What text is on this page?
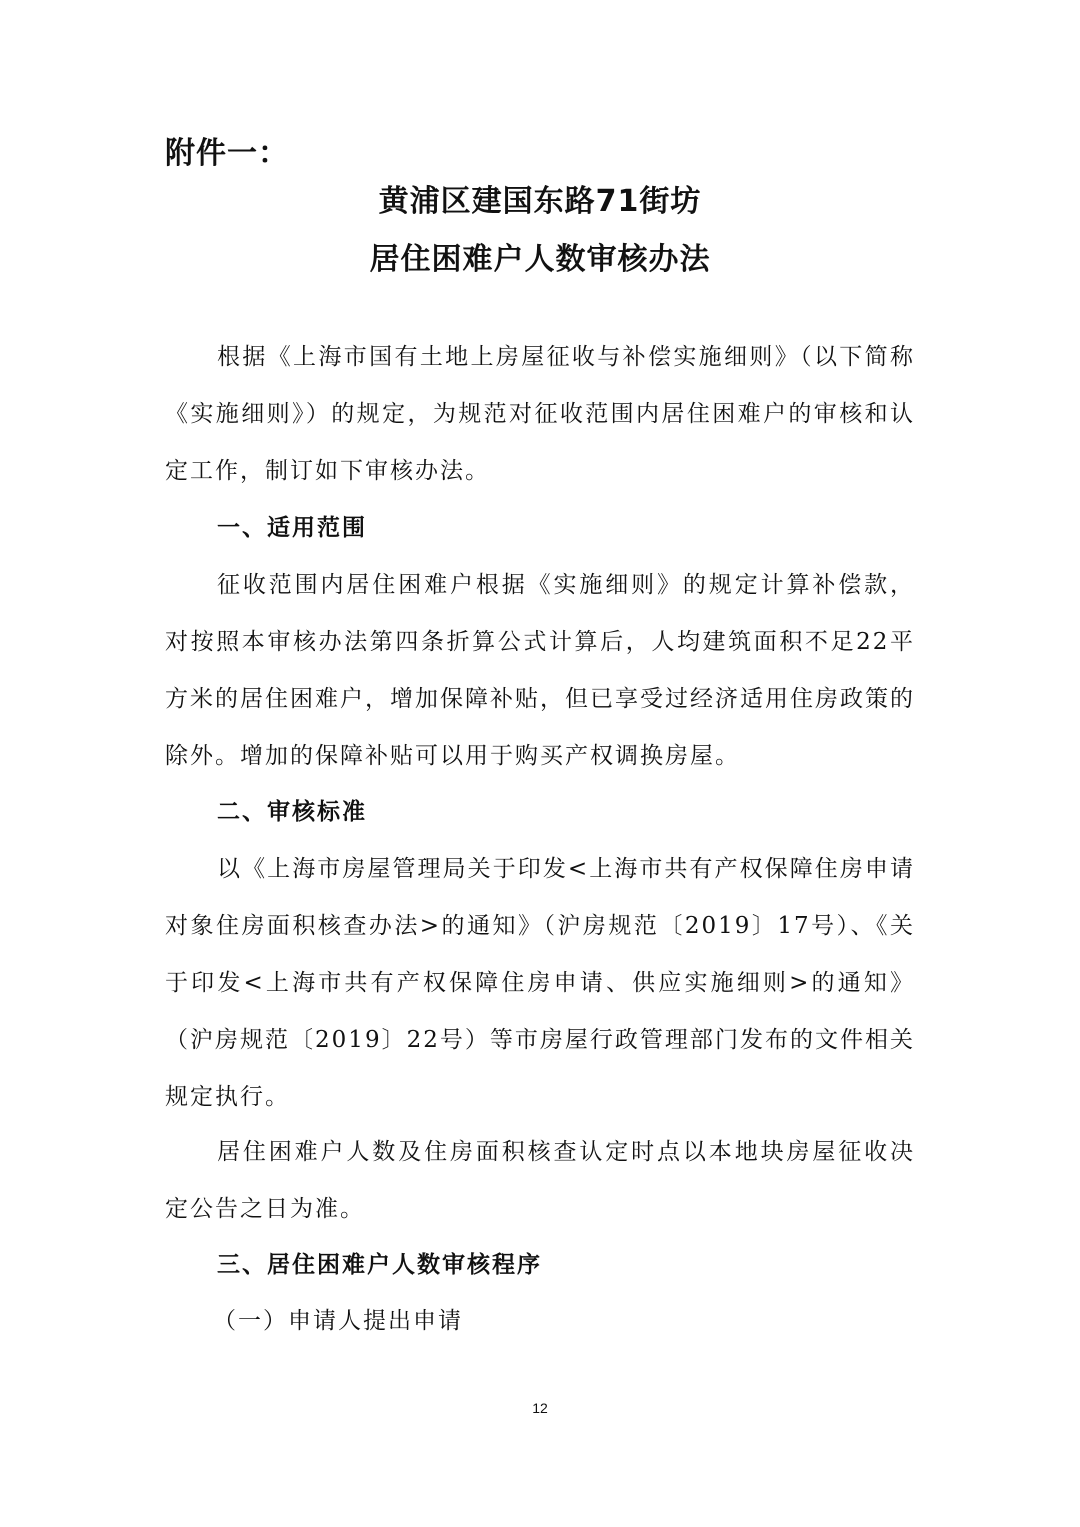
附件一：
黄浦区建国东路71街坊
居住困难户人数审核办法

根据《上海市国有土地上房屋征收与补偿实施细则》（以下简称《实施细则》）的规定，为规范对征收范围内居住困难户的审核和认定工作，制订如下审核办法。

一、适用范围

征收范围内居住困难户根据《实施细则》的规定计算补偿款，对按照本审核办法第四条折算公式计算后，人均建筑面积不足22平方米的居住困难户，增加保障补贴，但已享受过经济适用住房政策的除外。增加的保障补贴可以用于购买产权调换房屋。

二、审核标准

以《上海市房屋管理局关于印发<上海市共有产权保障住房申请对象住房面积核查办法>的通知》（沪房规范〔2019〕17号）、《关于印发<上海市共有产权保障住房申请、供应实施细则>的通知》（沪房规范〔2019〕22号）等市房屋行政管理部门发布的文件相关规定执行。

居住困难户人数及住房面积核查认定时点以本地块房屋征收决定公告之日为准。

三、居住困难户人数审核程序

（一）申请人提出申请

12
